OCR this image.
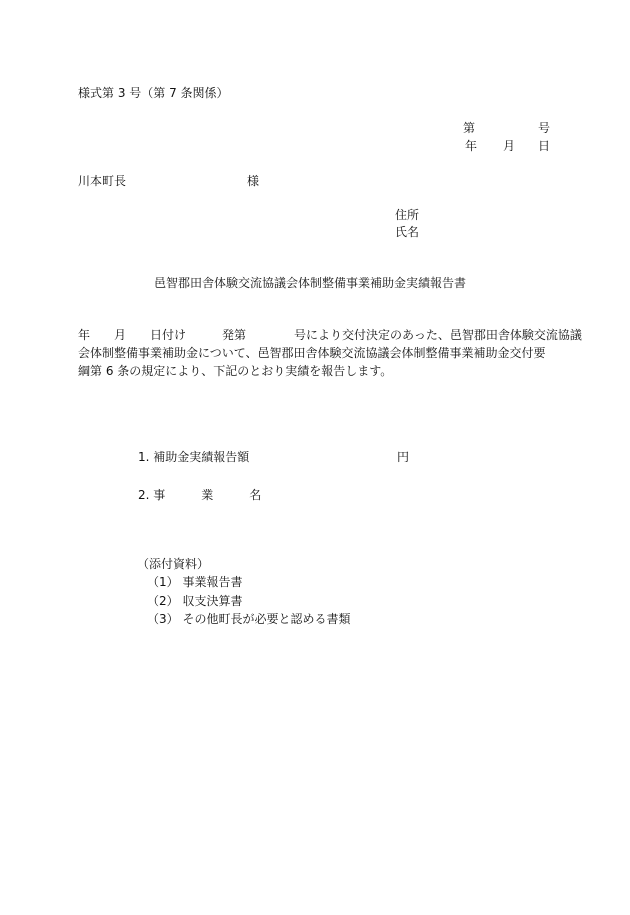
様式第 3 号（第 7 条関係）
第	号
年 月 日
川本町長	様
住所
氏名
邑智郡田舎体験交流協議会体制整備事業補助金実績報告書
年　　月　　日付け　　　発第　　　　号により交付決定のあった、邑智郡田舎体験交流協議
会体制整備事業補助金について、邑智郡田舎体験交流協議会体制整備事業補助金交付要
綱第 6 条の規定により、下記のとおり実績を報告します。
1. 補助金実績報告額	円
2. 事　　　業　　　名
（添付資料）
（1） 事業報告書
（2） 収支決算書
（3） その他町長が必要と認める書類
